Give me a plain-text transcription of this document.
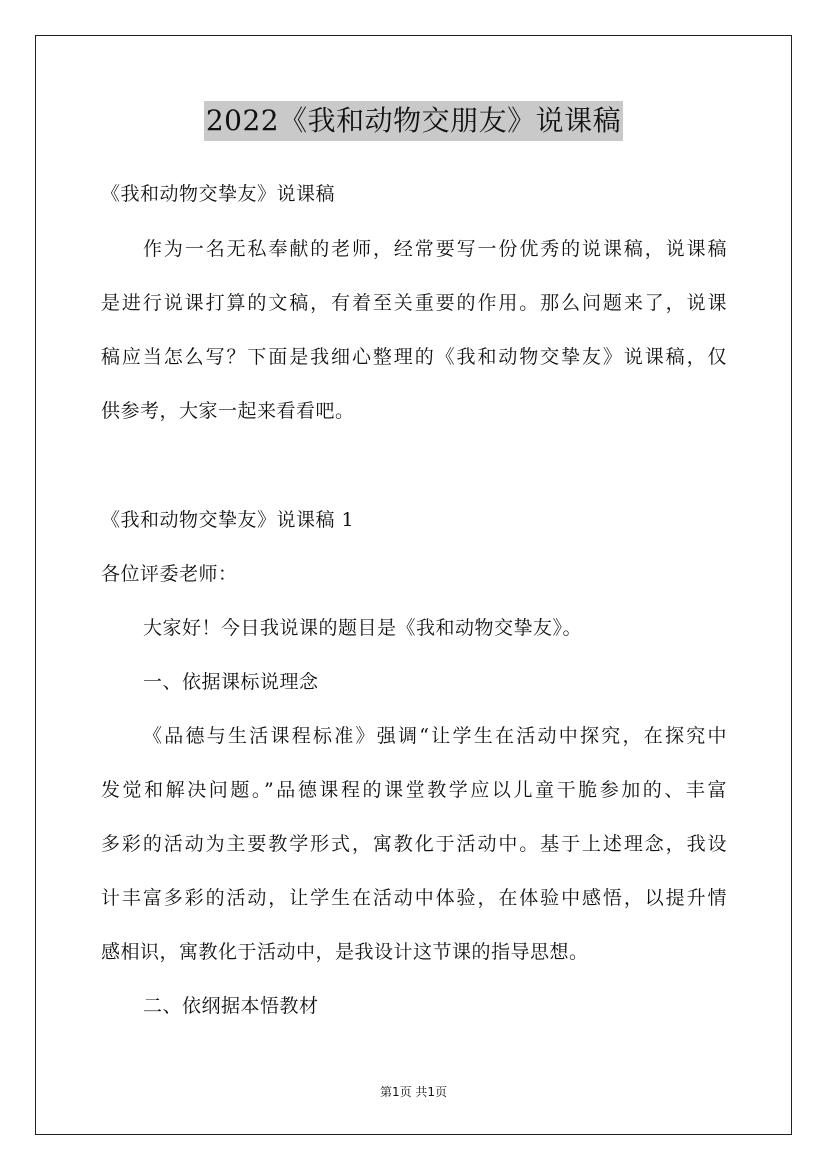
2022《我和动物交朋友》说课稿
《我和动物交挚友》说课稿
作为一名无私奉献的老师，经常要写一份优秀的说课稿，说课稿
是进行说课打算的文稿，有着至关重要的作用。那么问题来了，说课
稿应当怎么写？下面是我细心整理的《我和动物交挚友》说课稿，仅
供参考，大家一起来看看吧。
《我和动物交挚友》说课稿 1
各位评委老师：
大家好！今日我说课的题目是《我和动物交挚友》。
一、依据课标说理念
《品德与生活课程标准》强调“让学生在活动中探究，在探究中
发觉和解决问题。”品德课程的课堂教学应以儿童干脆参加的、丰富
多彩的活动为主要教学形式，寓教化于活动中。基于上述理念，我设
计丰富多彩的活动，让学生在活动中体验，在体验中感悟，以提升情
感相识，寓教化于活动中，是我设计这节课的指导思想。
二、依纲据本悟教材
第1页 共1页
